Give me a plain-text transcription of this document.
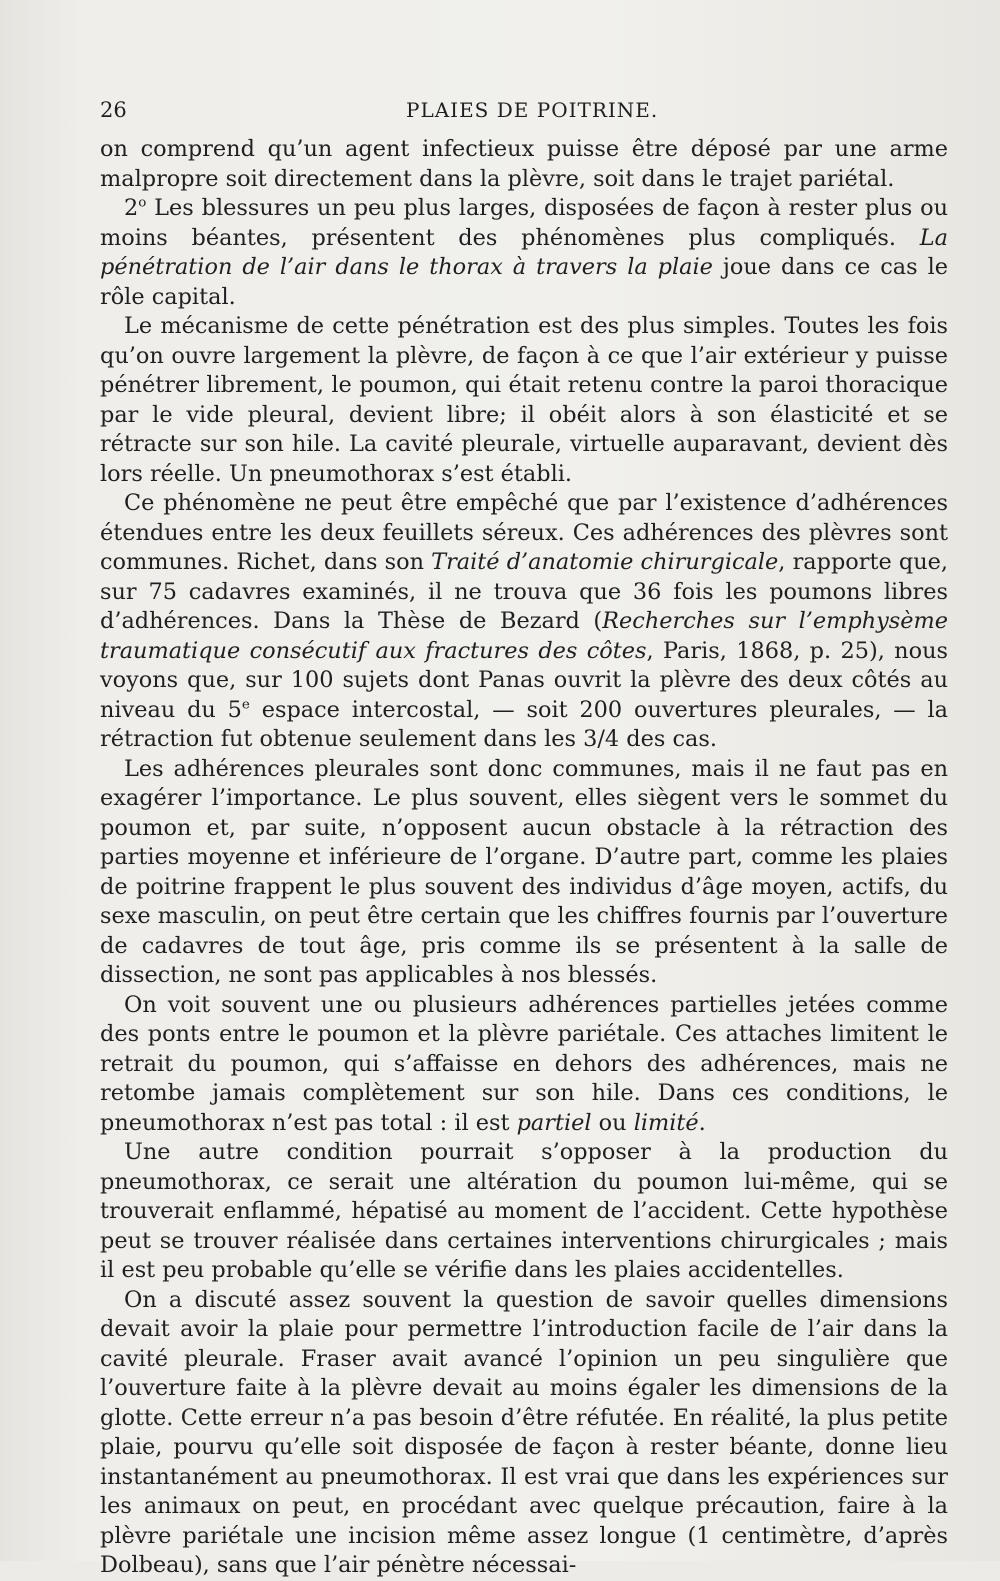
26	PLAIES DE POITRINE.

on comprend qu’un agent infectieux puisse être déposé par une arme malpropre soit directement dans la plèvre, soit dans le trajet pariétal.

2$^o$ Les blessures un peu plus larges, disposées de façon à rester plus ou moins béantes, présentent des phénomènes plus compliqués. La pénétration de l’air dans le thorax à travers la plaie joue dans ce cas le rôle capital.

Le mécanisme de cette pénétration est des plus simples. Toutes les fois qu’on ouvre largement la plèvre, de façon à ce que l’air extérieur y puisse pénétrer librement, le poumon, qui était retenu contre la paroi thoracique par le vide pleural, devient libre; il obéit alors à son élasticité et se rétracte sur son hile. La cavité pleurale, virtuelle auparavant, devient dès lors réelle. Un pneumothorax s’est établi.

Ce phénomène ne peut être empêché que par l’existence d’adhérences étendues entre les deux feuillets séreux. Ces adhérences des plèvres sont communes. Richet, dans son Traité d’anatomie chirurgicale, rapporte que, sur 75 cadavres examinés, il ne trouva que 36 fois les poumons libres d’adhérences. Dans la Thèse de Bezard (Recherches sur l’emphysème traumatique consécutif aux fractures des côtes, Paris, 1868, p. 25), nous voyons que, sur 100 sujets dont Panas ouvrit la plèvre des deux côtés au niveau du 5e espace intercostal, — soit 200 ouvertures pleurales, — la rétraction fut obtenue seulement dans les 3/4 des cas.

Les adhérences pleurales sont donc communes, mais il ne faut pas en exagérer l’importance. Le plus souvent, elles siègent vers le sommet du poumon et, par suite, n’opposent aucun obstacle à la rétraction des parties moyenne et inférieure de l’organe. D’autre part, comme les plaies de poitrine frappent le plus souvent des individus d’âge moyen, actifs, du sexe masculin, on peut être certain que les chiffres fournis par l’ouverture de cadavres de tout âge, pris comme ils se présentent à la salle de dissection, ne sont pas applicables à nos blessés.

On voit souvent une ou plusieurs adhérences partielles jetées comme des ponts entre le poumon et la plèvre pariétale. Ces attaches limitent le retrait du poumon, qui s’affaisse en dehors des adhérences, mais ne retombe jamais complètement sur son hile. Dans ces conditions, le pneumothorax n’est pas total : il est partiel ou limité.

Une autre condition pourrait s’opposer à la production du pneumothorax, ce serait une altération du poumon lui-même, qui se trouverait enflammé, hépatisé au moment de l’accident. Cette hypothèse peut se trouver réalisée dans certaines interventions chirurgicales ; mais il est peu probable qu’elle se vérifie dans les plaies accidentelles.

On a discuté assez souvent la question de savoir quelles dimensions devait avoir la plaie pour permettre l’introduction facile de l’air dans la cavité pleurale. Fraser avait avancé l’opinion un peu singulière que l’ouverture faite à la plèvre devait au moins égaler les dimensions de la glotte. Cette erreur n’a pas besoin d’être réfutée. En réalité, la plus petite plaie, pourvu qu’elle soit disposée de façon à rester béante, donne lieu instantanément au pneumothorax. Il est vrai que dans les expériences sur les animaux on peut, en procédant avec quelque précaution, faire à la plèvre pariétale une incision même assez longue (1 centimètre, d’après Dolbeau), sans que l’air pénètre nécessai-
